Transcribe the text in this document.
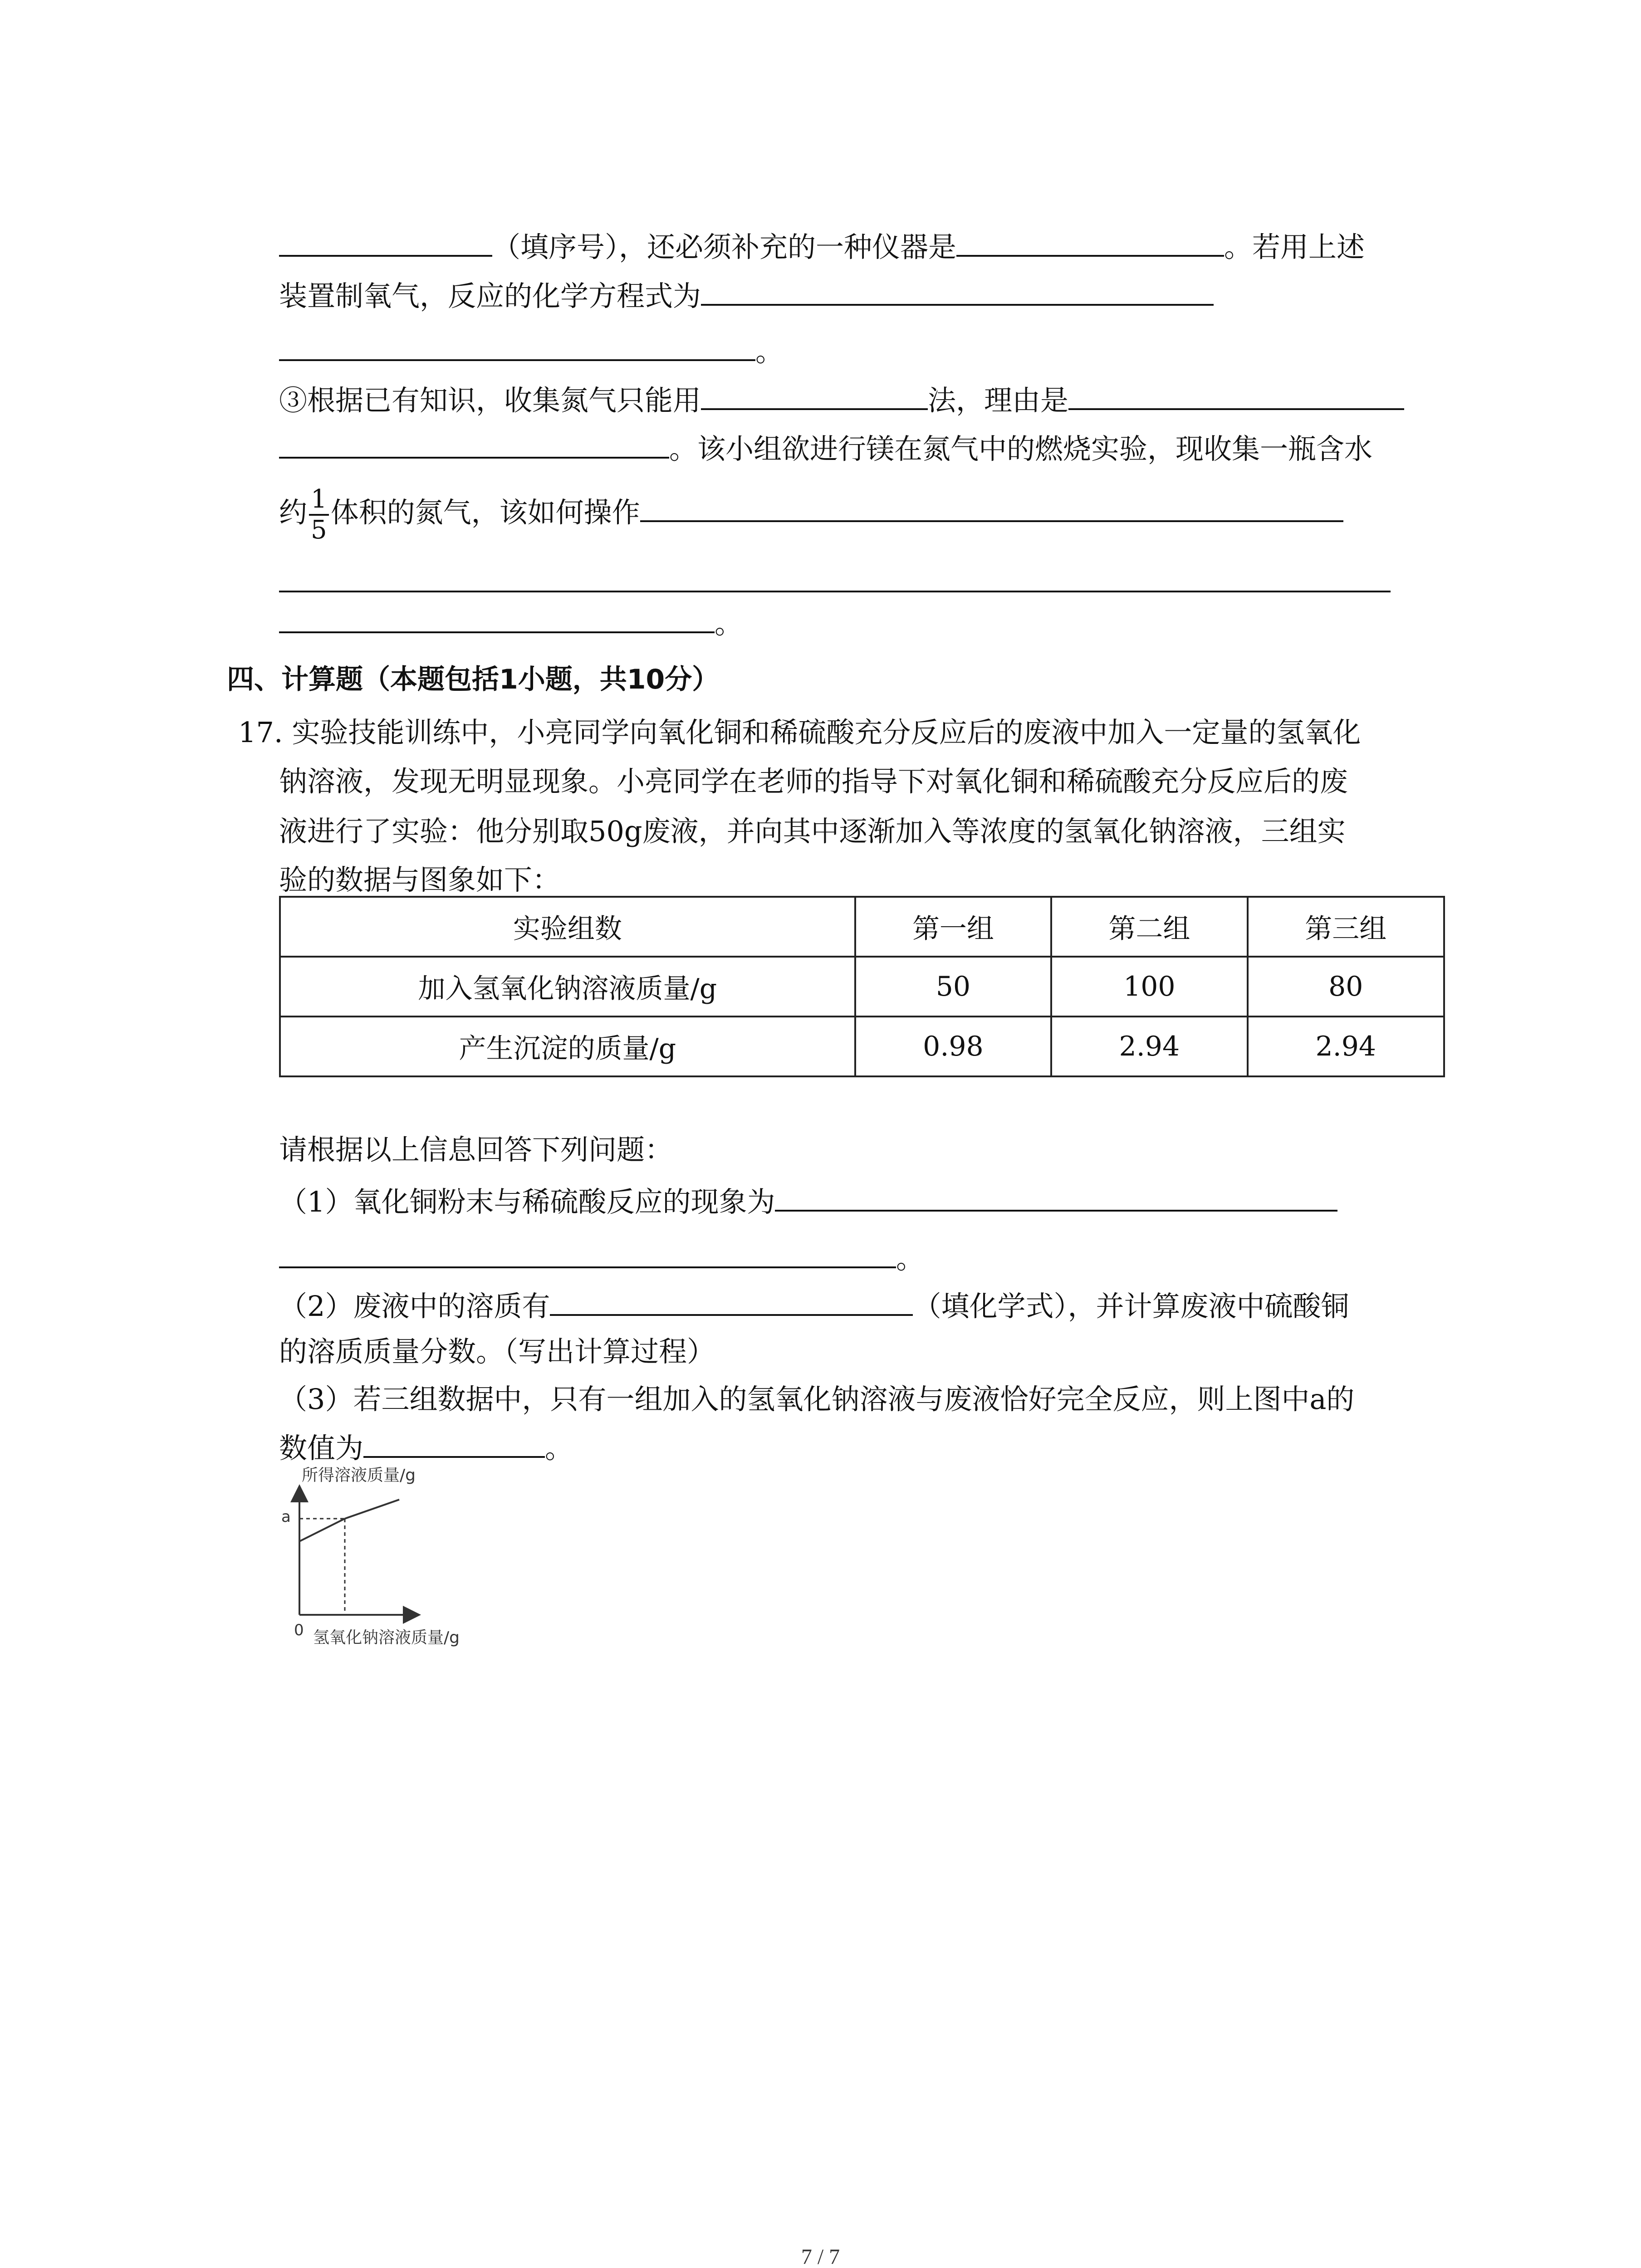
（填序号），还必须补充的一种仪器是	。若用上述
装置制氧气，反应的化学方程式为
。
③根据已有知识，收集氮气只能用	法，理由是
。该小组欲进行镁在氮气中的燃烧实验，现收集一瓶含水
约 $\frac{1}{5}$ 体积的氮气，该如何操作
。
四、计算题（本题包括1小题，共10分）
17. 实验技能训练中，小亮同学向氧化铜和稀硫酸充分反应后的废液中加入一定量的氢氧化
钠溶液，发现无明显现象。小亮同学在老师的指导下对氧化铜和稀硫酸充分反应后的废
液进行了实验：他分别取50g废液，并向其中逐渐加入等浓度的氢氧化钠溶液，三组实
验的数据与图象如下：
实验组数	第一组	第二组	第三组
加入氢氧化钠溶液质量/g	50	100	80
产生沉淀的质量/g	0.98	2.94	2.94
请根据以上信息回答下列问题：
（1）氧化铜粉末与稀硫酸反应的现象为
。
（2）废液中的溶质有	（填化学式），并计算废液中硫酸铜
的溶质质量分数。（写出计算过程）
（3）若三组数据中，只有一组加入的氢氧化钠溶液与废液恰好完全反应，则上图中a的
数值为	。
所得溶液质量/g
a
0 氢氧化钠溶液质量/g
7 / 7
